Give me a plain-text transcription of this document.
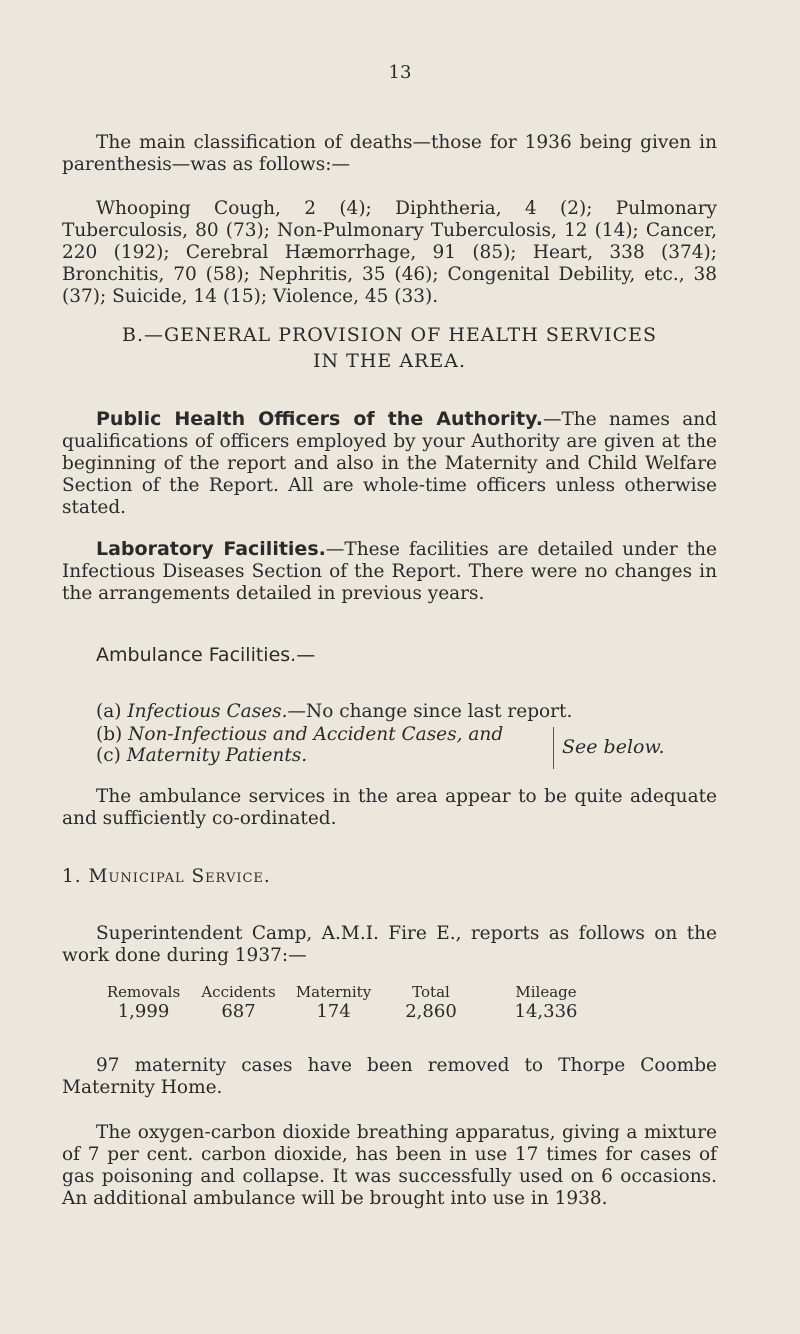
13

The main classification of deaths—those for 1936 being given in parenthesis—was as follows:—

Whooping Cough, 2 (4); Diphtheria, 4 (2); Pulmonary Tuberculosis, 80 (73); Non-Pulmonary Tuberculosis, 12 (14); Cancer, 220 (192); Cerebral Hæmorrhage, 91 (85); Heart, 338 (374); Bronchitis, 70 (58); Nephritis, 35 (46); Congenital Debility, etc., 38 (37); Suicide, 14 (15); Violence, 45 (33).

B.—GENERAL PROVISION OF HEALTH SERVICES
IN THE AREA.

Public Health Officers of the Authority.—The names and qualifications of officers employed by your Authority are given at the beginning of the report and also in the Maternity and Child Welfare Section of the Report. All are whole-time officers unless otherwise stated.

Laboratory Facilities.—These facilities are detailed under the Infectious Diseases Section of the Report. There were no changes in the arrangements detailed in previous years.

Ambulance Facilities.—
(a) Infectious Cases.—No change since last report.
(b) Non-Infectious and Accident Cases, and
(c) Maternity Patients.	See below.

The ambulance services in the area appear to be quite adequate and sufficiently co-ordinated.

1. Municipal Service.

Superintendent Camp, A.M.I. Fire E., reports as follows on the work done during 1937:—

Removals	Accidents	Maternity	Total	Mileage
1,999	687	174	2,860	14,336

97 maternity cases have been removed to Thorpe Coombe Maternity Home.

The oxygen-carbon dioxide breathing apparatus, giving a mixture of 7 per cent. carbon dioxide, has been in use 17 times for cases of gas poisoning and collapse. It was successfully used on 6 occasions. An additional ambulance will be brought into use in 1938.
